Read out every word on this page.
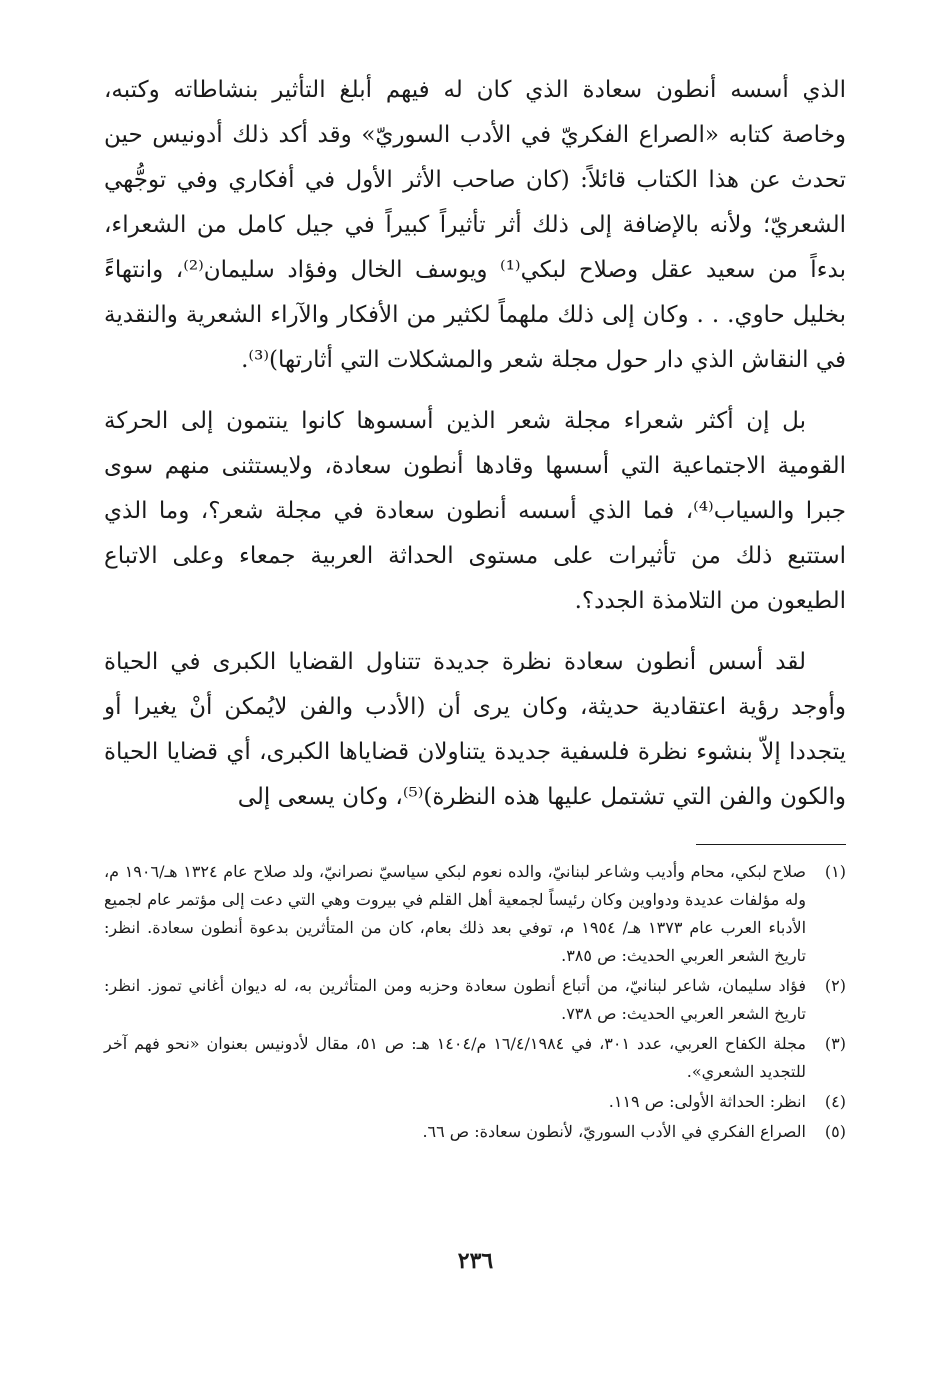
الذي أسسه أنطون سعادة الذي كان له فيهم أبلغ التأثير بنشاطاته وكتبه، وخاصة كتابه «الصراع الفكريّ في الأدب السوريّ» وقد أكد ذلك أدونيس حين تحدث عن هذا الكتاب قائلاً: (كان صاحب الأثر الأول في أفكاري وفي توجُّهي الشعريّ؛ ولأنه بالإضافة إلى ذلك أثر تأثيراً كبيراً في جيل كامل من الشعراء، بدءاً من سعيد عقل وصلاح لبكي⁽¹⁾ ويوسف الخال وفؤاد سليمان⁽²⁾، وانتهاءً بخليل حاوي. . . وكان إلى ذلك ملهماً لكثير من الأفكار والآراء الشعرية والنقدية في النقاش الذي دار حول مجلة شعر والمشكلات التي أثارتها)⁽³⁾.

بل إن أكثر شعراء مجلة شعر الذين أسسوها كانوا ينتمون إلى الحركة القومية الاجتماعية التي أسسها وقادها أنطون سعادة، ولايستثنى منهم سوى جبرا والسياب⁽⁴⁾، فما الذي أسسه أنطون سعادة في مجلة شعر؟، وما الذي استتبع ذلك من تأثيرات على مستوى الحداثة العربية جمعاء وعلى الاتباع الطيعون من التلامذة الجدد؟.

لقد أسس أنطون سعادة نظرة جديدة تتناول القضايا الكبرى في الحياة وأوجد رؤية اعتقادية حديثة، وكان يرى أن (الأدب والفن لايُمكن أنْ يغيرا أو يتجددا إلاّ بنشوء نظرة فلسفية جديدة يتناولان قضاياها الكبرى، أي قضايا الحياة والكون والفن التي تشتمل عليها هذه النظرة)⁽⁵⁾، وكان يسعى إلى

(١)
صلاح لبكي، محام وأديب وشاعر لبنانيّ، والده نعوم لبكي سياسيّ نصرانيّ، ولد صلاح عام ١٣٢٤ هـ/١٩٠٦ م، وله مؤلفات عديدة ودواوين وكان رئيساً لجمعية أهل القلم في بيروت وهي التي دعت إلى مؤتمر عام لجميع الأدباء العرب عام ١٣٧٣ هـ/ ١٩٥٤ م، توفي بعد ذلك بعام، كان من المتأثرين بدعوة أنطون سعادة. انظر: تاريخ الشعر العربي الحديث: ص ٣٨٥.
(٢)
فؤاد سليمان، شاعر لبنانيّ، من أتباع أنطون سعادة وحزبه ومن المتأثرين به، له ديوان أغاني تموز. انظر: تاريخ الشعر العربي الحديث: ص ٧٣٨.
(٣)
مجلة الكفاح العربي، عدد ٣٠١، في ١٦/٤/١٩٨٤ م/١٤٠٤ هـ: ص ٥١، مقال لأدونيس بعنوان «نحو فهم آخر للتجديد الشعري».
(٤)
انظر: الحداثة الأولى: ص ١١٩.
(٥)
الصراع الفكري في الأدب السوريّ، لأنطون سعادة: ص ٦٦.
٢٣٦
